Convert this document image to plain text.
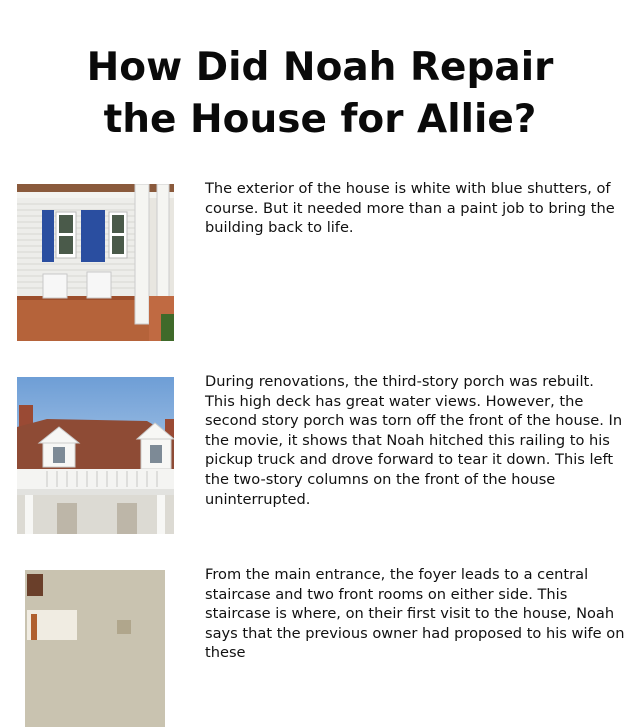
How Did Noah Repair
the House for Allie?

The exterior of the house is white with blue shutters, of course. But it needed more than a paint job to bring the building back to life.

During renovations, the third-story porch was rebuilt. This high deck has great water views. However, the second story porch was torn off the front of the house. In the movie, it shows that Noah hitched this railing to his pickup truck and drove forward to tear it down. This left the two-story columns on the front of the house uninterrupted.

From the main entrance, the foyer leads to a central staircase and two front rooms on either side. This staircase is where, on their first visit to the house, Noah says that the previous owner had proposed to his wife on these
